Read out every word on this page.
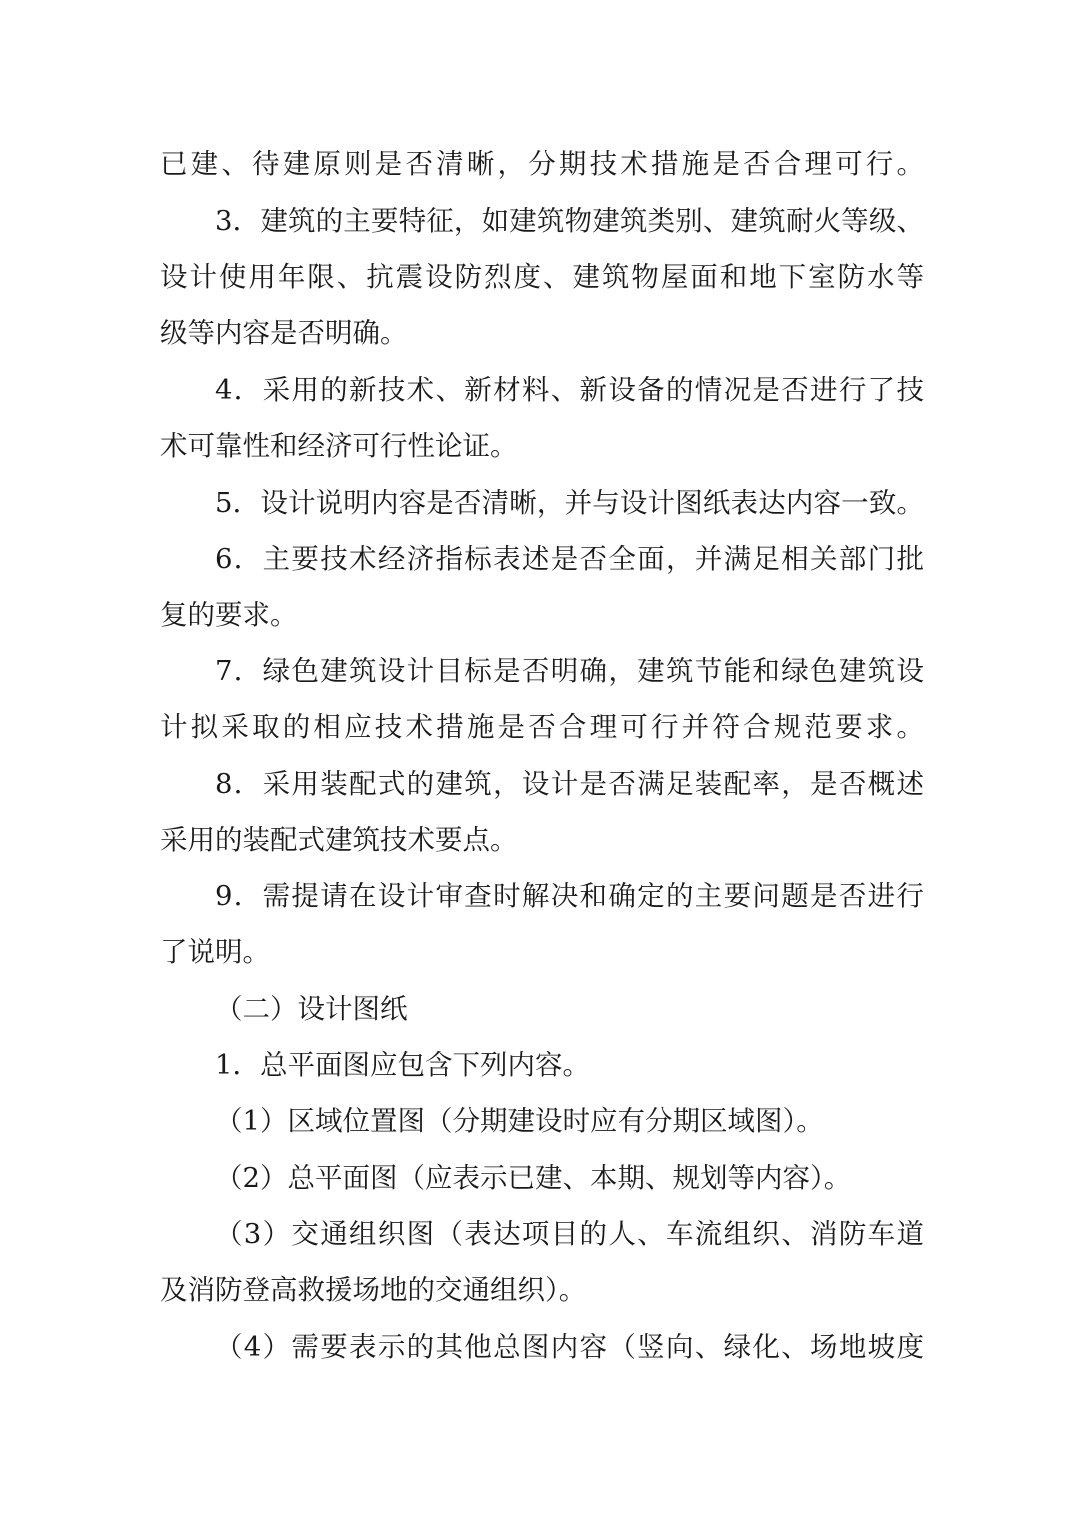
已建、待建原则是否清晰，分期技术措施是否合理可行。
3．建筑的主要特征，如建筑物建筑类别、建筑耐火等级、
设计使用年限、抗震设防烈度、建筑物屋面和地下室防水等
级等内容是否明确。
4．采用的新技术、新材料、新设备的情况是否进行了技
术可靠性和经济可行性论证。
5．设计说明内容是否清晰，并与设计图纸表达内容一致。
6．主要技术经济指标表述是否全面，并满足相关部门批
复的要求。
7．绿色建筑设计目标是否明确，建筑节能和绿色建筑设
计拟采取的相应技术措施是否合理可行并符合规范要求。
8．采用装配式的建筑，设计是否满足装配率，是否概述
采用的装配式建筑技术要点。
9．需提请在设计审查时解决和确定的主要问题是否进行
了说明。
（二）设计图纸
1．总平面图应包含下列内容。
（1）区域位置图（分期建设时应有分期区域图）。
（2）总平面图（应表示已建、本期、规划等内容）。
（3）交通组织图（表达项目的人、车流组织、消防车道
及消防登高救援场地的交通组织）。
（4）需要表示的其他总图内容（竖向、绿化、场地坡度
